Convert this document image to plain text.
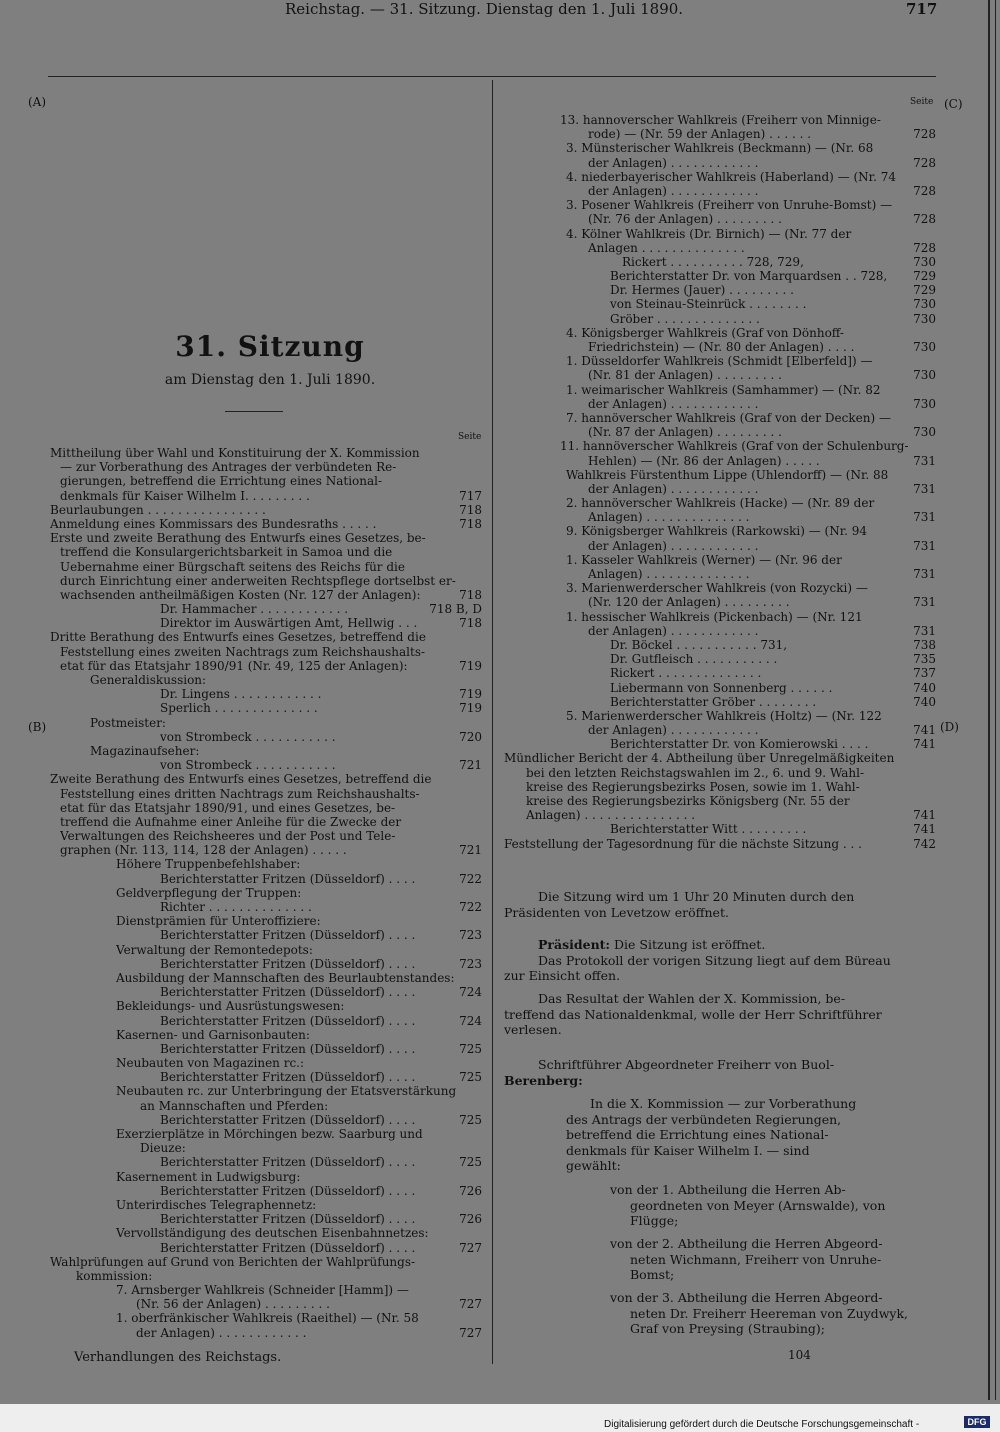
Reichstag. — 31. Sitzung. Dienstag den 1. Juli 1890.	717
(A)
(B)
(C)
(D)
31. Sitzung
am Dienstag den 1. Juli 1890.
Seite
Seite
Mittheilung über Wahl und Konstituirung der X. Kommission
— zur Vorberathung des Antrages der verbündeten Re-
gierungen, betreffend die Errichtung eines National-
denkmals für Kaiser Wilhelm I. . . . . . . . .	717
Beurlaubungen . . . . . . . . . . . . . . . .	718
Anmeldung eines Kommissars des Bundesraths . . . . .	718
Erste und zweite Berathung des Entwurfs eines Gesetzes, be-
treffend die Konsulargerichtsbarkeit in Samoa und die
Uebernahme einer Bürgschaft seitens des Reichs für die
durch Einrichtung einer anderweiten Rechtspflege dortselbst er-
wachsenden antheilmäßigen Kosten (Nr. 127 der Anlagen):	718
Dr. Hammacher . . . . . . . . . . . .	718 B, D
Direktor im Auswärtigen Amt, Hellwig . . .	718
Dritte Berathung des Entwurfs eines Gesetzes, betreffend die
Feststellung eines zweiten Nachtrags zum Reichshaushalts-
etat für das Etatsjahr 1890/91 (Nr. 49, 125 der Anlagen):	719
Generaldiskussion:
Dr. Lingens . . . . . . . . . . . .	719
Sperlich . . . . . . . . . . . . . .	719
Postmeister:
von Strombeck . . . . . . . . . . .	720
Magazinaufseher:
von Strombeck . . . . . . . . . . .	721
Zweite Berathung des Entwurfs eines Gesetzes, betreffend die
Feststellung eines dritten Nachtrags zum Reichshaushalts-
etat für das Etatsjahr 1890/91, und eines Gesetzes, be-
treffend die Aufnahme einer Anleihe für die Zwecke der
Verwaltungen des Reichsheeres und der Post und Tele-
graphen (Nr. 113, 114, 128 der Anlagen) . . . . .	721
Höhere Truppenbefehlshaber:
Berichterstatter Fritzen (Düsseldorf) . . . .	722
Geldverpflegung der Truppen:
Richter . . . . . . . . . . . . . .	722
Dienstprämien für Unteroffiziere:
Berichterstatter Fritzen (Düsseldorf) . . . .	723
Verwaltung der Remontedepots:
Berichterstatter Fritzen (Düsseldorf) . . . .	723
Ausbildung der Mannschaften des Beurlaubtenstandes:
Berichterstatter Fritzen (Düsseldorf) . . . .	724
Bekleidungs- und Ausrüstungswesen:
Berichterstatter Fritzen (Düsseldorf) . . . .	724
Kasernen- und Garnisonbauten:
Berichterstatter Fritzen (Düsseldorf) . . . .	725
Neubauten von Magazinen rc.:
Berichterstatter Fritzen (Düsseldorf) . . . .	725
Neubauten rc. zur Unterbringung der Etatsverstärkung
an Mannschaften und Pferden:
Berichterstatter Fritzen (Düsseldorf) . . . .	725
Exerzierplätze in Mörchingen bezw. Saarburg und
Dieuze:
Berichterstatter Fritzen (Düsseldorf) . . . .	725
Kasernement in Ludwigsburg:
Berichterstatter Fritzen (Düsseldorf) . . . .	726
Unterirdisches Telegraphennetz:
Berichterstatter Fritzen (Düsseldorf) . . . .	726
Vervollständigung des deutschen Eisenbahnnetzes:
Berichterstatter Fritzen (Düsseldorf) . . . .	727
Wahlprüfungen auf Grund von Berichten der Wahlprüfungs-
kommission:
7. Arnsberger Wahlkreis (Schneider [Hamm]) —
(Nr. 56 der Anlagen) . . . . . . . . .	727
1. oberfränkischer Wahlkreis (Raeithel) — (Nr. 58
der Anlagen) . . . . . . . . . . . .	727
13. hannoverscher Wahlkreis (Freiherr von Minnige-
rode) — (Nr. 59 der Anlagen) . . . . . .	728
3. Münsterischer Wahlkreis (Beckmann) — (Nr. 68
der Anlagen) . . . . . . . . . . . .	728
4. niederbayerischer Wahlkreis (Haberland) — (Nr. 74
der Anlagen) . . . . . . . . . . . .	728
3. Posener Wahlkreis (Freiherr von Unruhe-Bomst) —
(Nr. 76 der Anlagen) . . . . . . . . .	728
4. Kölner Wahlkreis (Dr. Birnich) — (Nr. 77 der
Anlagen . . . . . . . . . . . . . .	728
Rickert . . . . . . . . . . 728, 729,	730
Berichterstatter Dr. von Marquardsen . . 728,	729
Dr. Hermes (Jauer) . . . . . . . . .	729
von Steinau-Steinrück . . . . . . . .	730
Gröber . . . . . . . . . . . . . .	730
4. Königsberger Wahlkreis (Graf von Dönhoff-
Friedrichstein) — (Nr. 80 der Anlagen) . . . .	730
1. Düsseldorfer Wahlkreis (Schmidt [Elberfeld]) —
(Nr. 81 der Anlagen) . . . . . . . . .	730
1. weimarischer Wahlkreis (Samhammer) — (Nr. 82
der Anlagen) . . . . . . . . . . . .	730
7. hannöverscher Wahlkreis (Graf von der Decken) —
(Nr. 87 der Anlagen) . . . . . . . . .	730
11. hannöverscher Wahlkreis (Graf von der Schulenburg-
Hehlen) — (Nr. 86 der Anlagen) . . . . .	731
Wahlkreis Fürstenthum Lippe (Uhlendorff) — (Nr. 88
der Anlagen) . . . . . . . . . . . .	731
2. hannöverscher Wahlkreis (Hacke) — (Nr. 89 der
Anlagen) . . . . . . . . . . . . . .	731
9. Königsberger Wahlkreis (Rarkowski) — (Nr. 94
der Anlagen) . . . . . . . . . . . .	731
1. Kasseler Wahlkreis (Werner) — (Nr. 96 der
Anlagen) . . . . . . . . . . . . . .	731
3. Marienwerderscher Wahlkreis (von Rozycki) —
(Nr. 120 der Anlagen) . . . . . . . . .	731
1. hessischer Wahlkreis (Pickenbach) — (Nr. 121
der Anlagen) . . . . . . . . . . . .	731
Dr. Böckel . . . . . . . . . . . 731,	738
Dr. Gutfleisch . . . . . . . . . . .	735
Rickert . . . . . . . . . . . . . .	737
Liebermann von Sonnenberg . . . . . .	740
Berichterstatter Gröber . . . . . . . .	740
5. Marienwerderscher Wahlkreis (Holtz) — (Nr. 122
der Anlagen) . . . . . . . . . . . .	741
Berichterstatter Dr. von Komierowski . . . .	741
Mündlicher Bericht der 4. Abtheilung über Unregelmäßigkeiten
bei den letzten Reichstagswahlen im 2., 6. und 9. Wahl-
kreise des Regierungsbezirks Posen, sowie im 1. Wahl-
kreise des Regierungsbezirks Königsberg (Nr. 55 der
Anlagen) . . . . . . . . . . . . . . .	741
Berichterstatter Witt . . . . . . . . .	741
Feststellung der Tagesordnung für die nächste Sitzung . . .	742
Die Sitzung wird um 1 Uhr 20 Minuten durch den
Präsidenten von Levetzow eröffnet.
Präsident: Die Sitzung ist eröffnet.
Das Protokoll der vorigen Sitzung liegt auf dem Büreau
zur Einsicht offen.
Das Resultat der Wahlen der X. Kommission, be-
treffend das Nationaldenkmal, wolle der Herr Schriftführer
verlesen.
Schriftführer Abgeordneter Freiherr von Buol-
Berenberg:
In die X. Kommission — zur Vorberathung
des Antrags der verbündeten Regierungen,
betreffend die Errichtung eines National-
denkmals für Kaiser Wilhelm I. — sind
gewählt:
von der 1. Abtheilung die Herren Ab-
geordneten von Meyer (Arnswalde), von
Flügge;
von der 2. Abtheilung die Herren Abgeord-
neten Wichmann, Freiherr von Unruhe-
Bomst;
von der 3. Abtheilung die Herren Abgeord-
neten Dr. Freiherr Heereman von Zuydwyk,
Graf von Preysing (Straubing);
Verhandlungen des Reichstags.	104
Digitalisierung gefördert durch die Deutsche Forschungsgemeinschaft -	DFG
